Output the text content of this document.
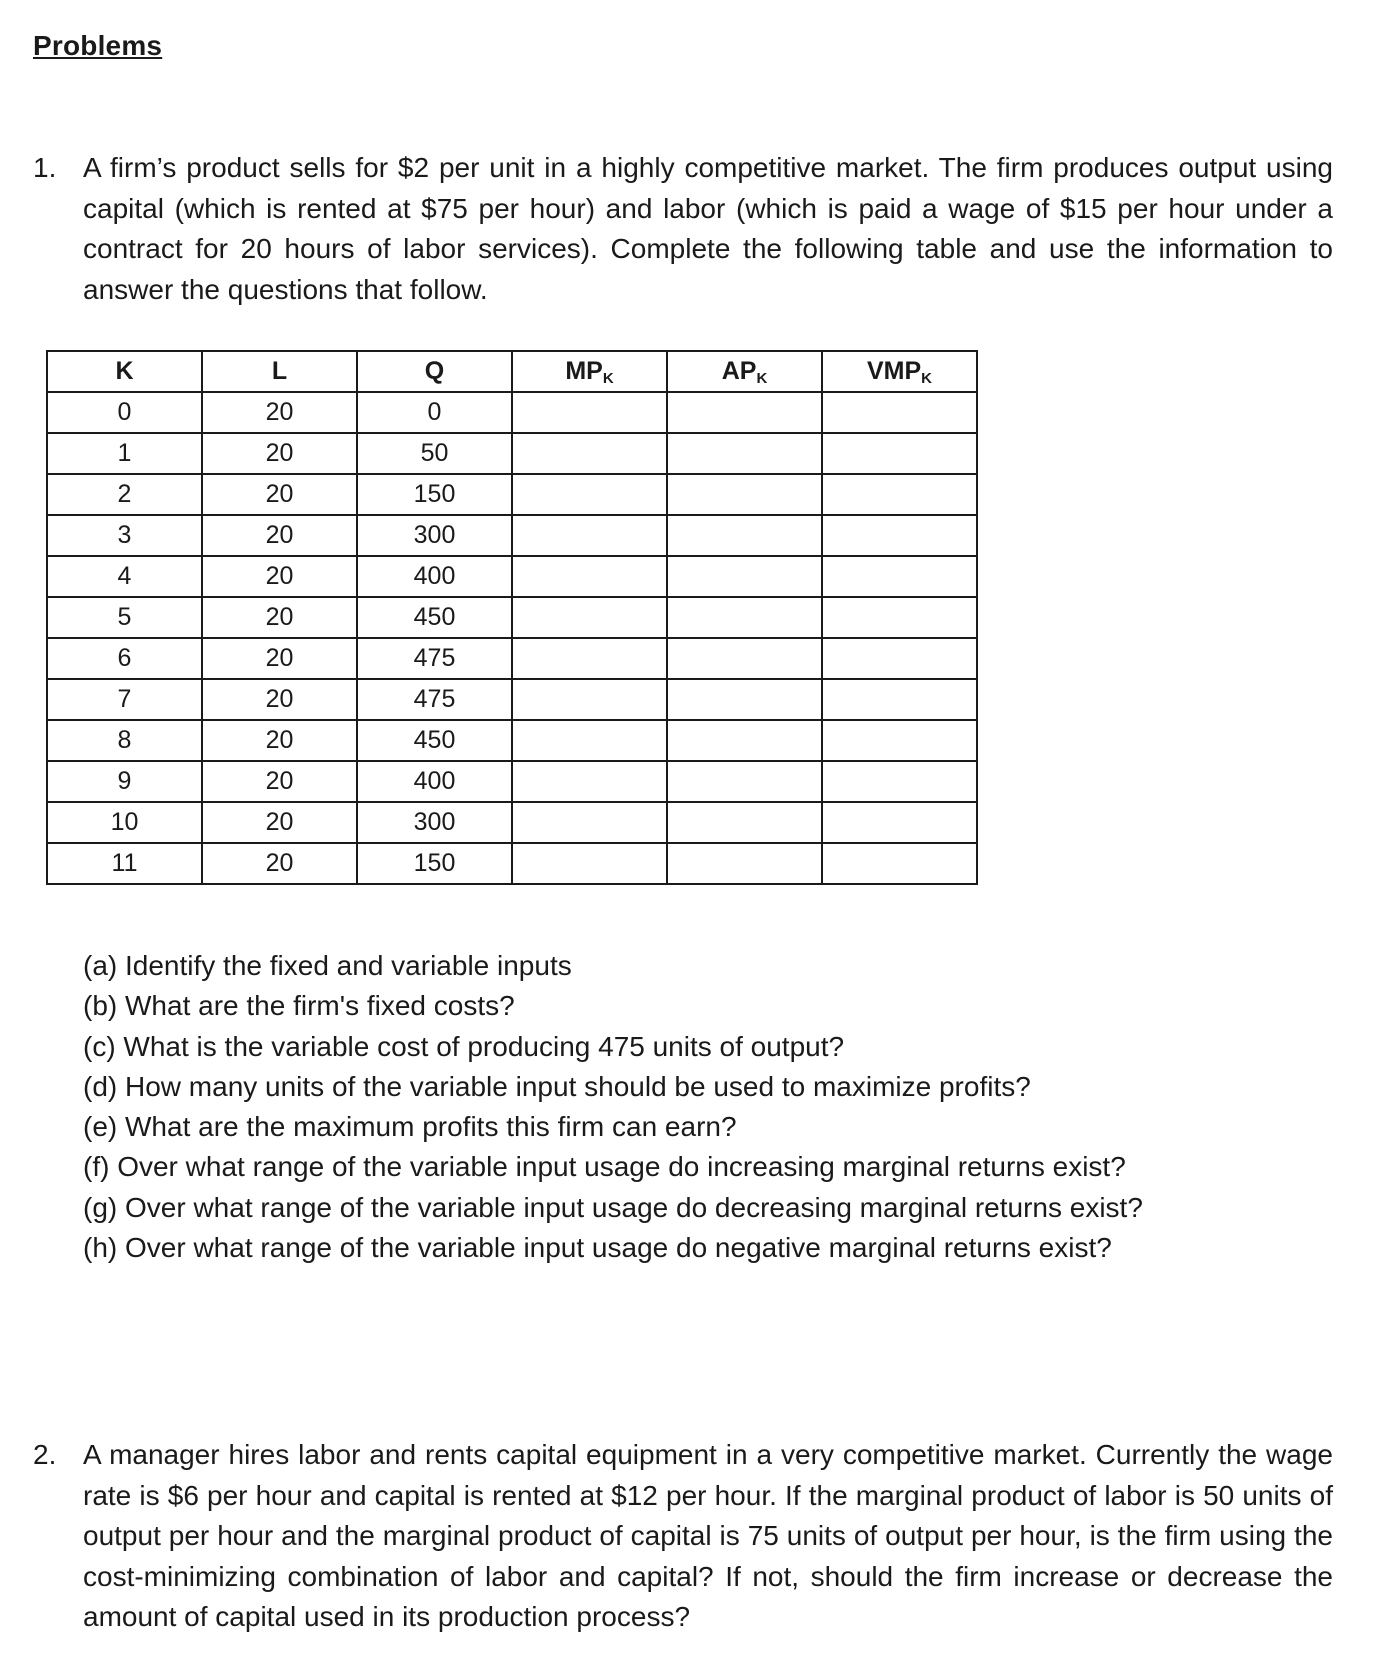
Problems
1. A firm’s product sells for $2 per unit in a highly competitive market. The firm produces output using capital (which is rented at $75 per hour) and labor (which is paid a wage of $15 per hour under a contract for 20 hours of labor services). Complete the following table and use the information to answer the questions that follow.
K	L	Q	$MP_K$	$AP_K$	$VMP_K$
0	20	0			
1	20	50			
2	20	150			
3	20	300			
4	20	400			
5	20	450			
6	20	475			
7	20	475			
8	20	450			
9	20	400			
10	20	300			
11	20	150			
(a) Identify the fixed and variable inputs
(b) What are the firm's fixed costs?
(c) What is the variable cost of producing 475 units of output?
(d) How many units of the variable input should be used to maximize profits?
(e) What are the maximum profits this firm can earn?
(f) Over what range of the variable input usage do increasing marginal returns exist?
(g) Over what range of the variable input usage do decreasing marginal returns exist?
(h) Over what range of the variable input usage do negative marginal returns exist?
2. A manager hires labor and rents capital equipment in a very competitive market. Currently the wage rate is $6 per hour and capital is rented at $12 per hour. If the marginal product of labor is 50 units of output per hour and the marginal product of capital is 75 units of output per hour, is the firm using the cost-minimizing combination of labor and capital? If not, should the firm increase or decrease the amount of capital used in its production process?
